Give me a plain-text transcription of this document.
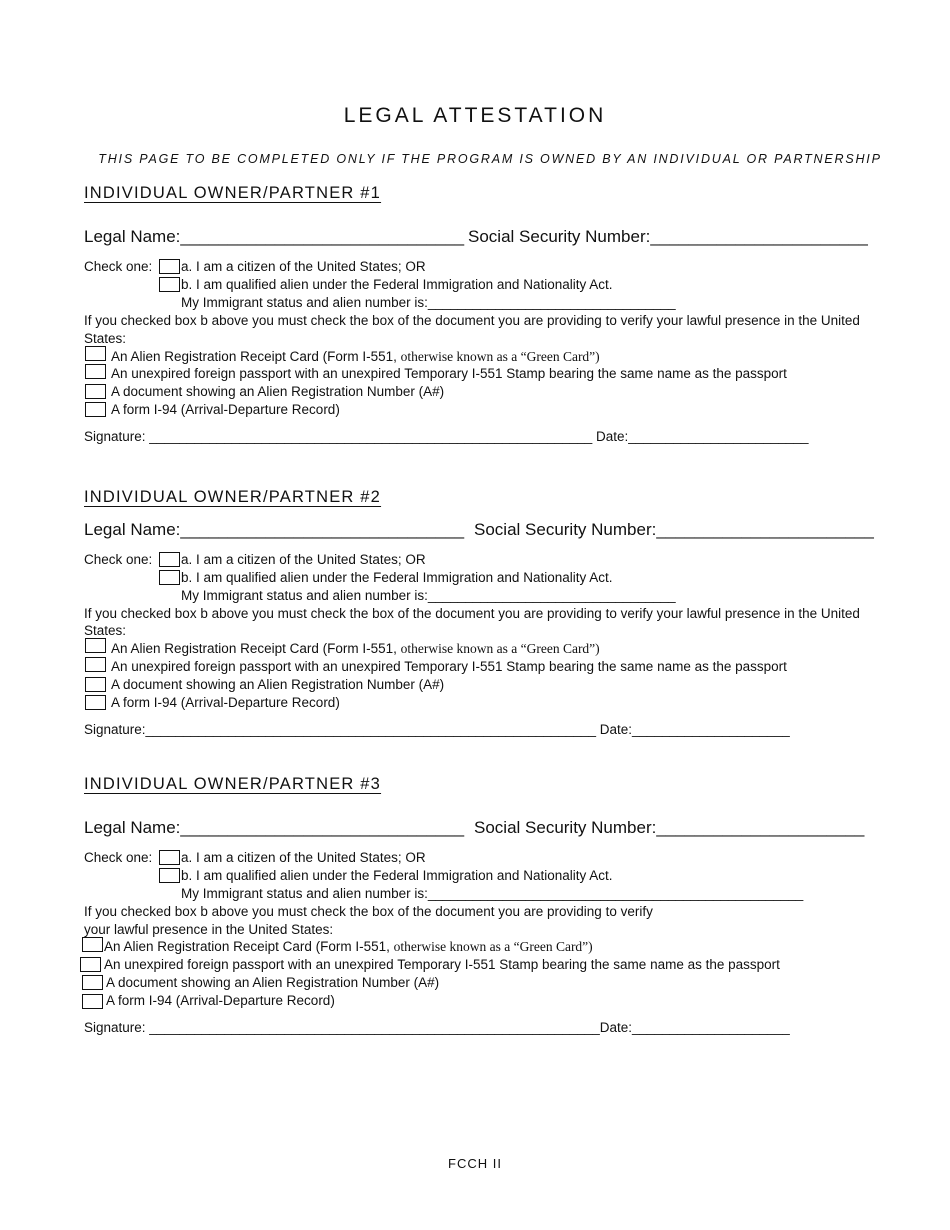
LEGAL ATTESTATION
THIS PAGE TO BE COMPLETED ONLY IF THE PROGRAM IS OWNED BY AN INDIVIDUAL OR PARTNERSHIP
INDIVIDUAL OWNER/PARTNER #1
Legal Name:______________________________ Social Security Number:_______________________
Check one: a. I am a citizen of the United States; OR
b. I am qualified alien under the Federal Immigration and Nationality Act.
My Immigrant status and alien number is:_________________________________
If you checked box b above you must check the box of the document you are providing to verify your lawful presence in the United
States:
An Alien Registration Receipt Card (Form I-551, otherwise known as a “Green Card”)
An unexpired foreign passport with an unexpired Temporary I-551 Stamp bearing the same name as the passport
A document showing an Alien Registration Number (A#)
A form I-94 (Arrival-Departure Record)
Signature: ___________________________________________________________ Date:________________________
INDIVIDUAL OWNER/PARTNER #2
Legal Name:______________________________ Social Security Number:_______________________
Check one: a. I am a citizen of the United States; OR
b. I am qualified alien under the Federal Immigration and Nationality Act.
My Immigrant status and alien number is:_________________________________
If you checked box b above you must check the box of the document you are providing to verify your lawful presence in the United
States:
An Alien Registration Receipt Card (Form I-551, otherwise known as a “Green Card”)
An unexpired foreign passport with an unexpired Temporary I-551 Stamp bearing the same name as the passport
A document showing an Alien Registration Number (A#)
A form I-94 (Arrival-Departure Record)
Signature:____________________________________________________________ Date:_____________________
INDIVIDUAL OWNER/PARTNER #3
Legal Name:______________________________ Social Security Number:______________________
Check one: a. I am a citizen of the United States; OR
b. I am qualified alien under the Federal Immigration and Nationality Act.
My Immigrant status and alien number is:__________________________________________________
If you checked box b above you must check the box of the document you are providing to verify
your lawful presence in the United States:
An Alien Registration Receipt Card (Form I-551, otherwise known as a “Green Card”)
An unexpired foreign passport with an unexpired Temporary I-551 Stamp bearing the same name as the passport
A document showing an Alien Registration Number (A#)
A form I-94 (Arrival-Departure Record)
Signature: ____________________________________________________________Date:_____________________
FCCH II
